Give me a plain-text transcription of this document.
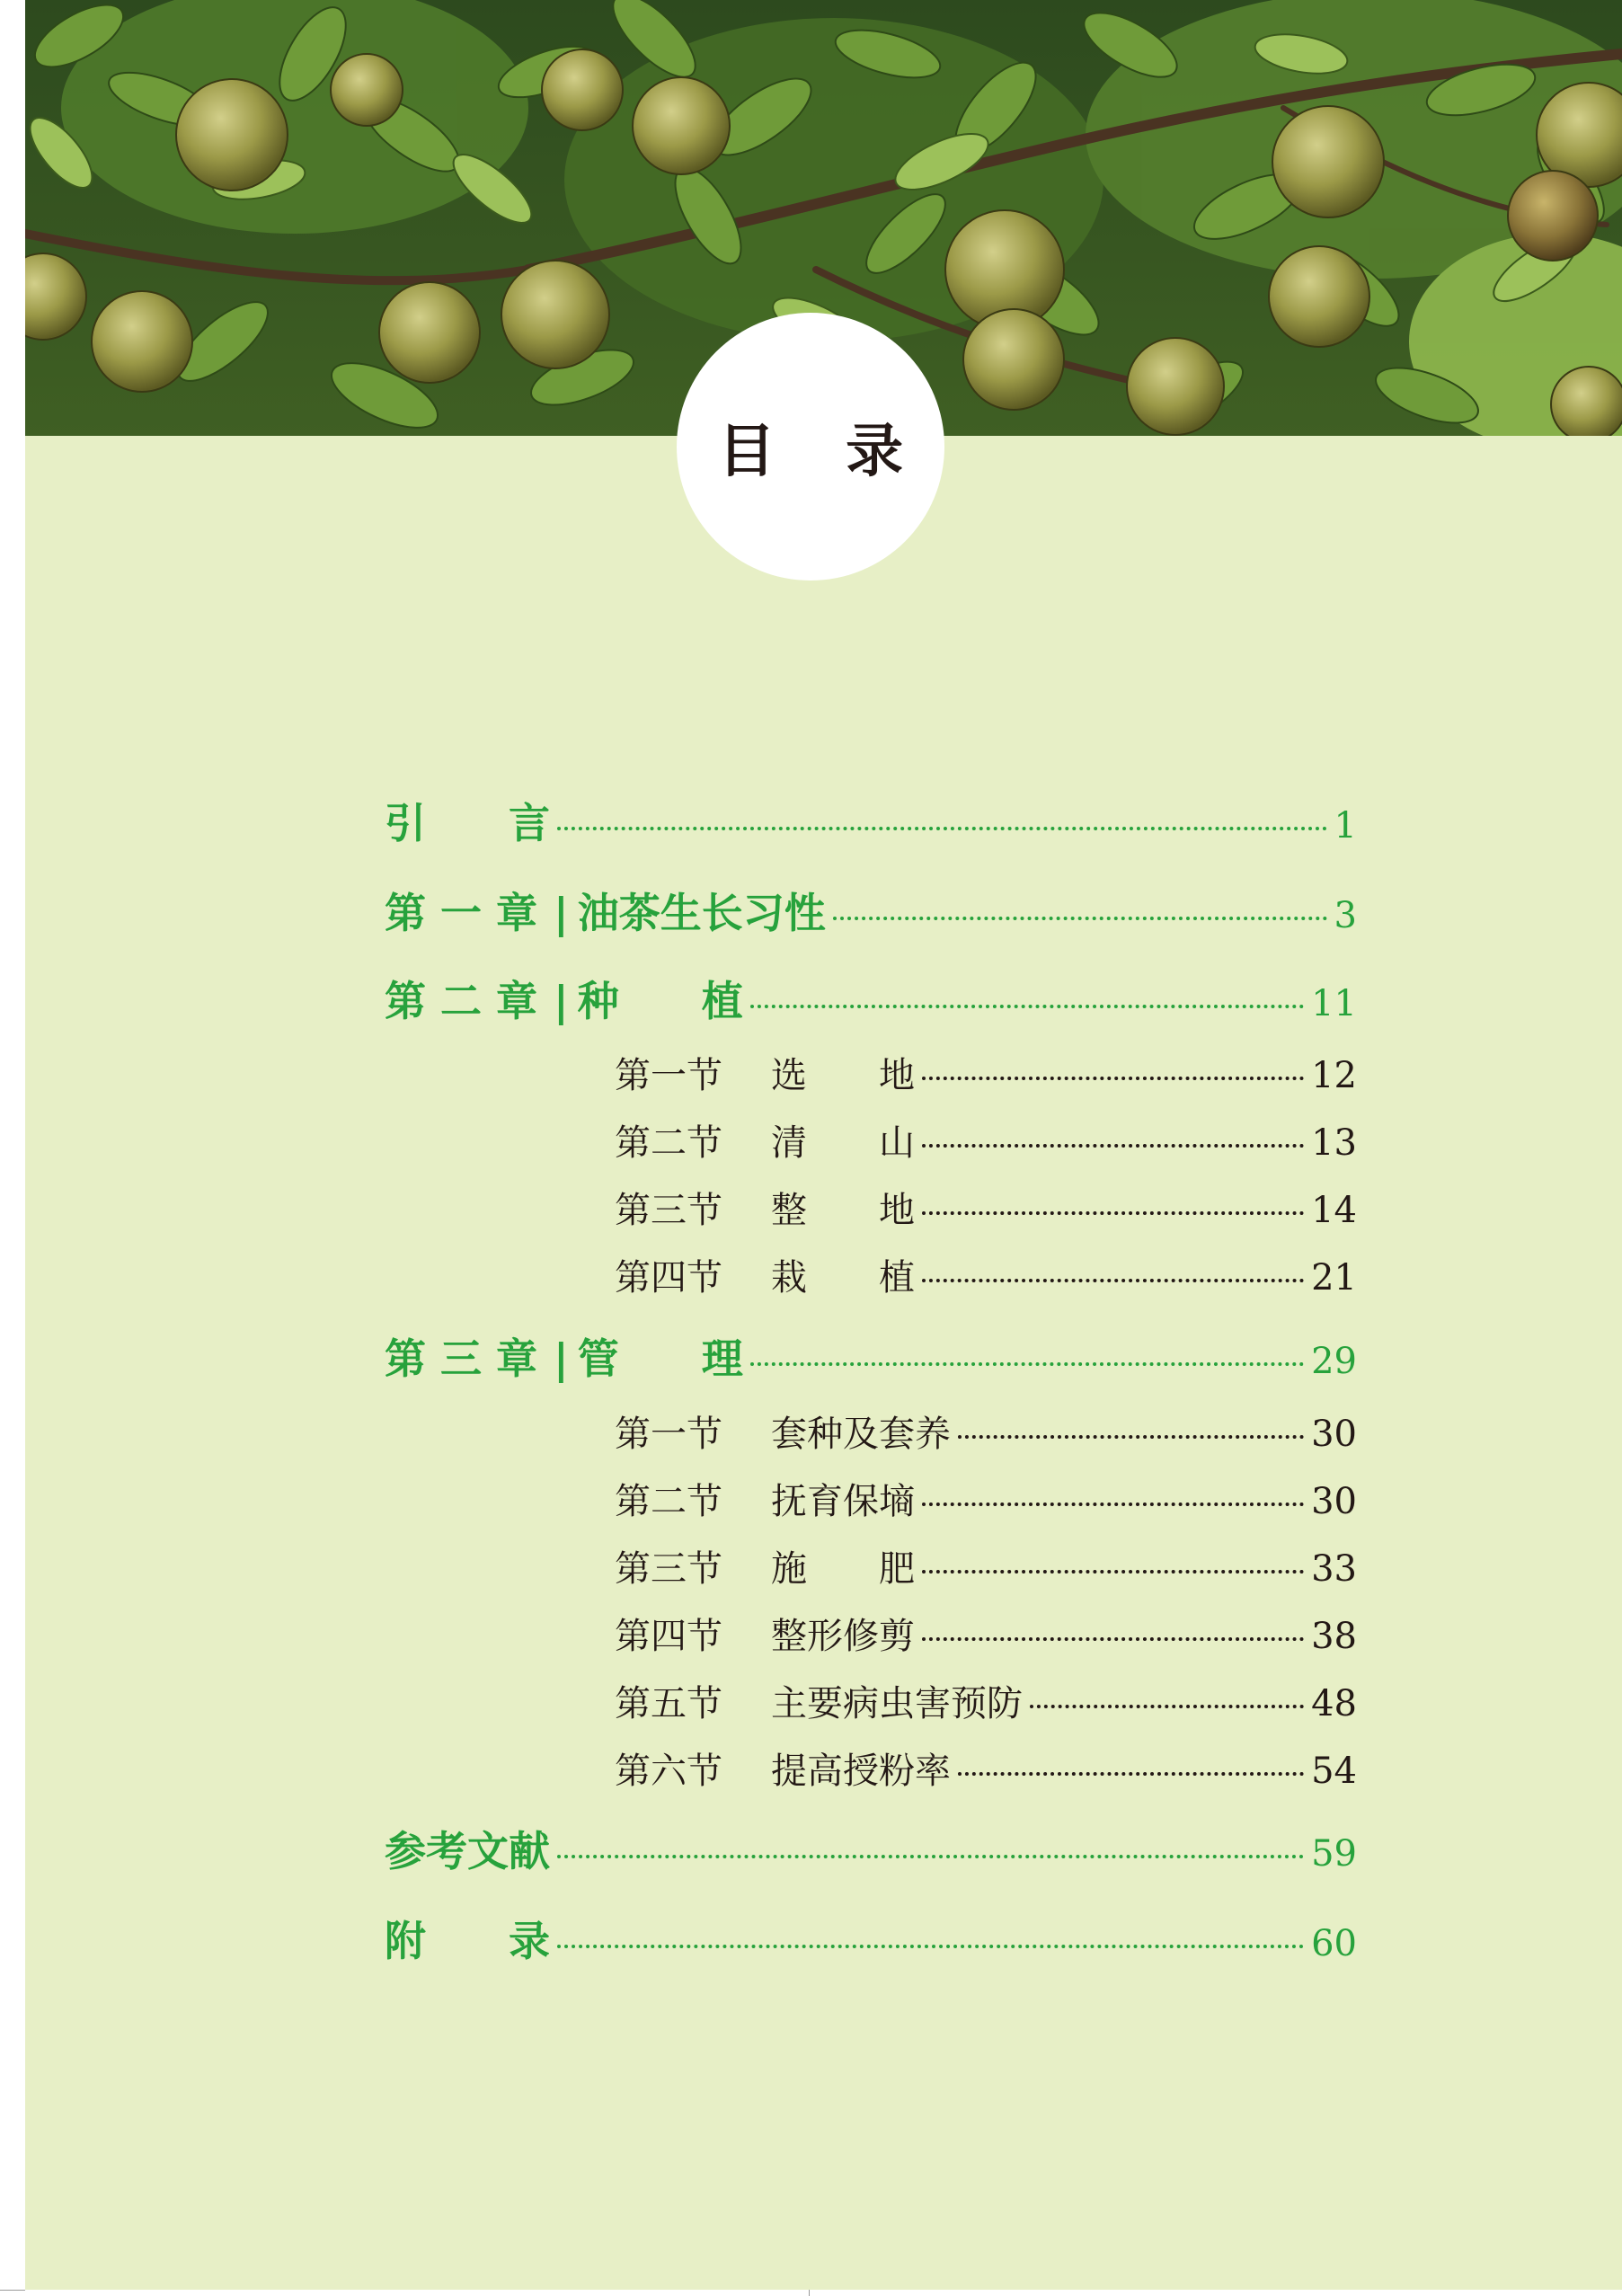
目 录
引　　言	1
第 一 章 | 油茶生长习性	3
第 二 章 | 种　　植	11
第一节	选　　地	12
第二节	清　　山	13
第三节	整　　地	14
第四节	栽　　植	21
第 三 章 | 管　　理	29
第一节	套种及套养	30
第二节	抚育保墒	30
第三节	施　　肥	33
第四节	整形修剪	38
第五节	主要病虫害预防	48
第六节	提高授粉率	54
参考文献	59
附　　录	60
